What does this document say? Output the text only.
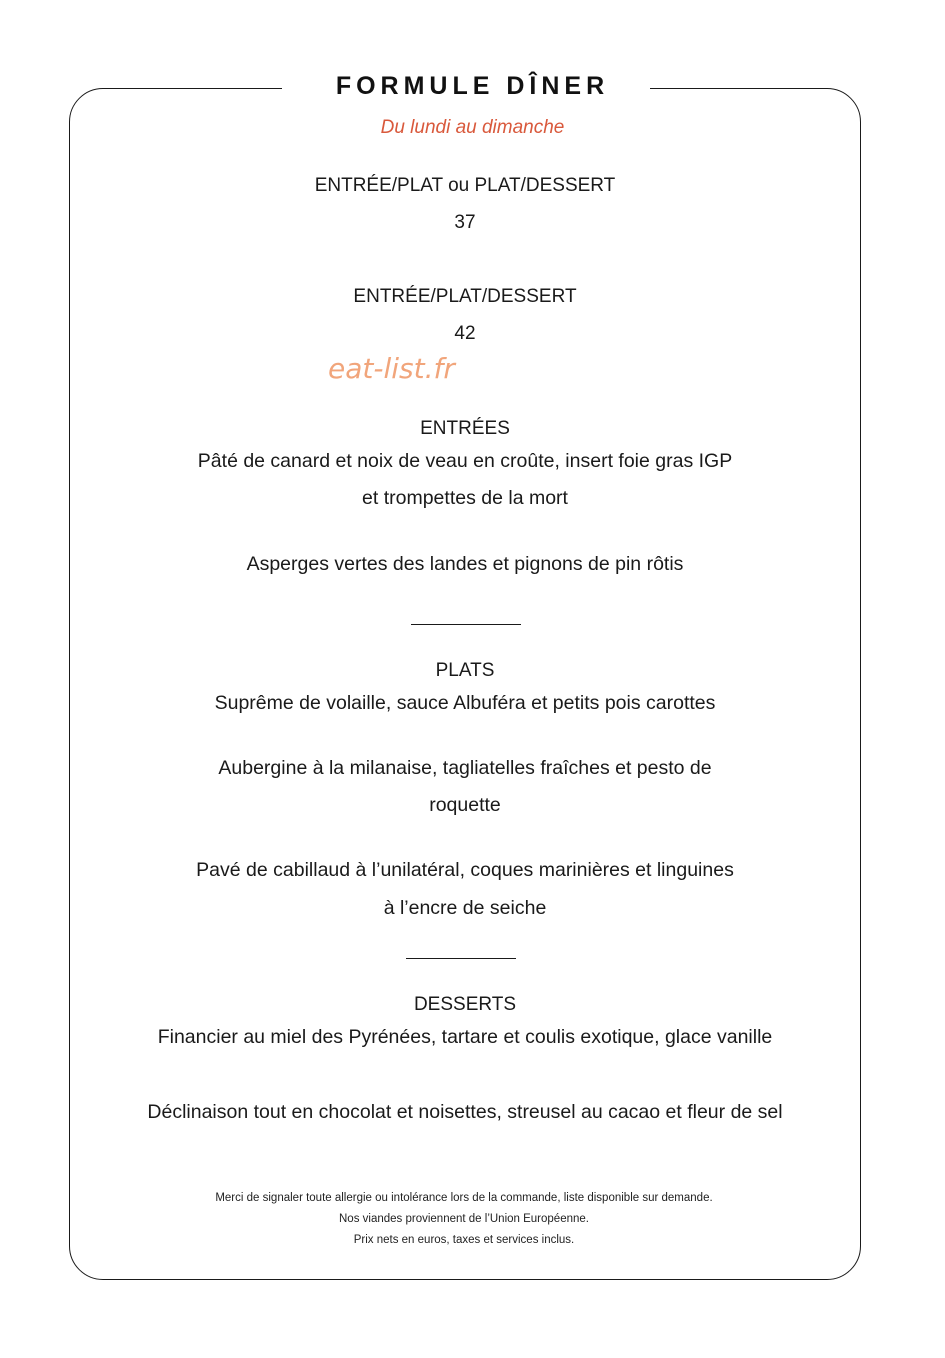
FORMULE DÎNER
Du lundi au dimanche
ENTRÉE/PLAT ou PLAT/DESSERT
37
ENTRÉE/PLAT/DESSERT
42
eat-list.fr
ENTRÉES
Pâté de canard et noix de veau en croûte, insert foie gras IGP
et trompettes de la mort
Asperges vertes des landes et pignons de pin rôtis
PLATS
Suprême de volaille, sauce Albuféra et petits pois carottes
Aubergine à la milanaise, tagliatelles fraîches et pesto de
roquette
Pavé de cabillaud à l’unilatéral, coques marinières et linguines
à l’encre de seiche
DESSERTS
Financier au miel des Pyrénées, tartare et coulis exotique, glace vanille
Déclinaison tout en chocolat et noisettes, streusel au cacao et fleur de sel
Merci de signaler toute allergie ou intolérance lors de la commande, liste disponible sur demande.
Nos viandes proviennent de l’Union Européenne.
Prix nets en euros, taxes et services inclus.
